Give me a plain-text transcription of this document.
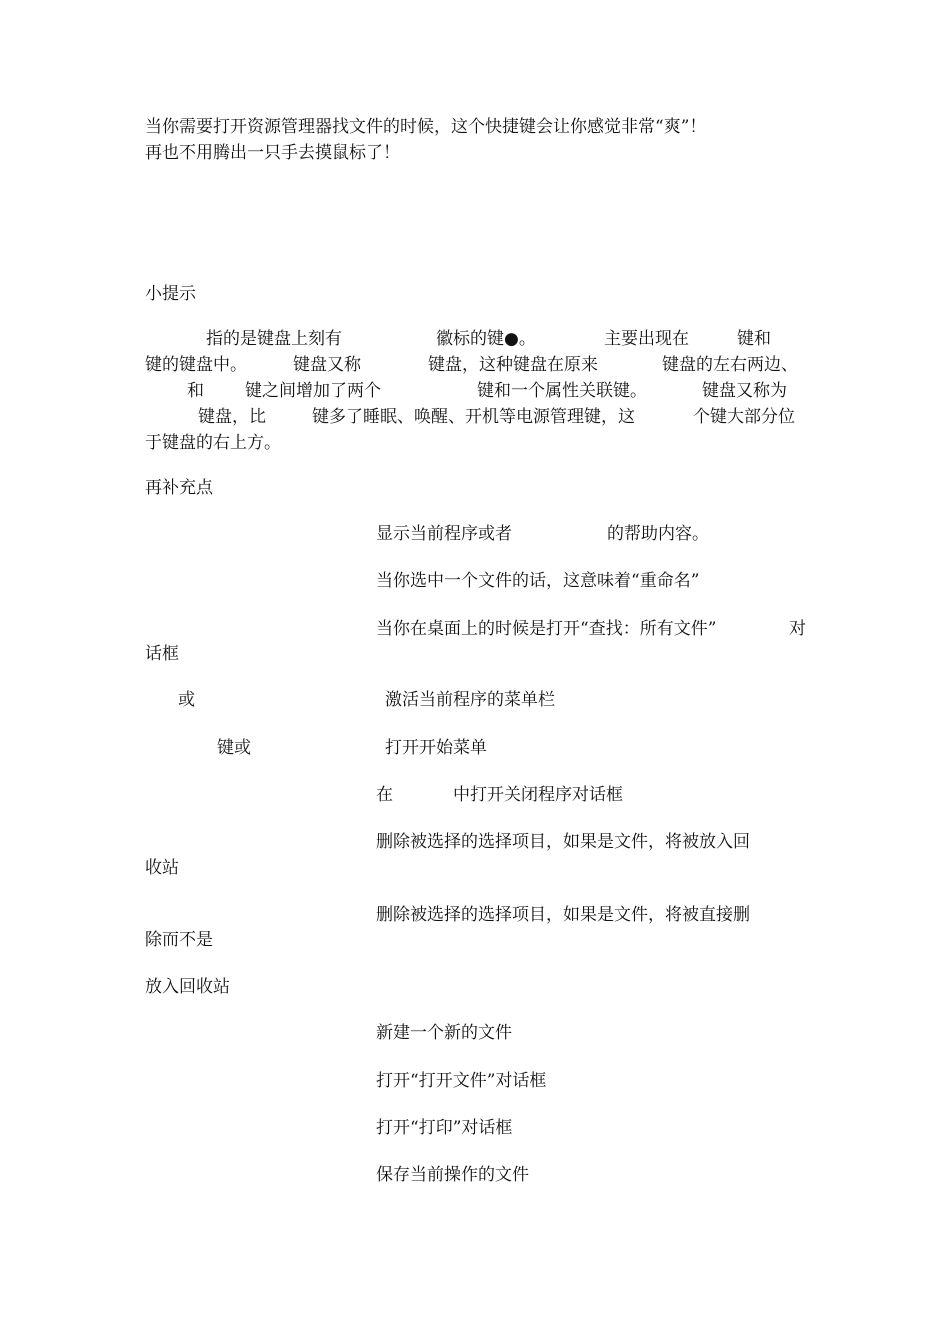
当你需要打开资源管理器找文件的时候，这个快捷键会让你感觉非常“爽”！

再也不用腾出一只手去摸鼠标了！

小提示

指的是键盘上刻有	徽标的键●。	主要出现在	键和
键的键盘中。	键盘又称	键盘，这种键盘在原来	键盘的左右两边、
和 键之间增加了两个	键和一个属性关联键。	键盘又称为
键盘，比	键多了睡眠、唤醒、开机等电源管理键，这	个键大部分位
于键盘的右上方。

再补充点

显示当前程序或者	的帮助内容。
当你选中一个文件的话，这意味着“重命名”
当你在桌面上的时候是打开“查找：所有文件”	对
话框
或	激活当前程序的菜单栏
键或	打开开始菜单
在	中打开关闭程序对话框
删除被选择的选择项目，如果是文件，将被放入回
收站
删除被选择的选择项目，如果是文件，将被直接删
除而不是
放入回收站
新建一个新的文件
打开“打开文件”对话框
打开“打印”对话框
保存当前操作的文件
